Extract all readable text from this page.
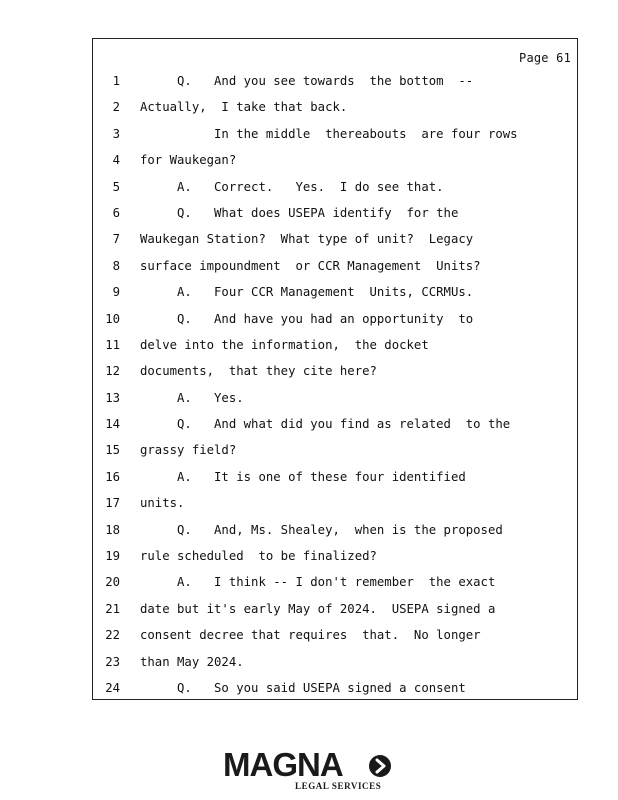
Page 61
1 Q.   And you see towards  the bottom  --
2 Actually,  I take that back.
3 In the middle  thereabouts  are four rows
4 for Waukegan?
5 A.   Correct.   Yes.  I do see that.
6 Q.   What does USEPA identify  for the
7 Waukegan Station?  What type of unit?  Legacy
8 surface impoundment  or CCR Management  Units?
9 A.   Four CCR Management  Units, CCRMUs.
10 Q.   And have you had an opportunity  to
11 delve into the information,  the docket
12 documents,  that they cite here?
13 A.   Yes.
14 Q.   And what did you find as related  to the
15 grassy field?
16 A.   It is one of these four identified
17 units.
18 Q.   And, Ms. Shealey,  when is the proposed
19 rule scheduled  to be finalized?
20 A.   I think -- I don't remember  the exact
21 date but it's early May of 2024.  USEPA signed a
22 consent decree that requires  that.  No longer
23 than May 2024.
24 Q.   So you said USEPA signed a consent
MAGNA
LEGAL SERVICES
